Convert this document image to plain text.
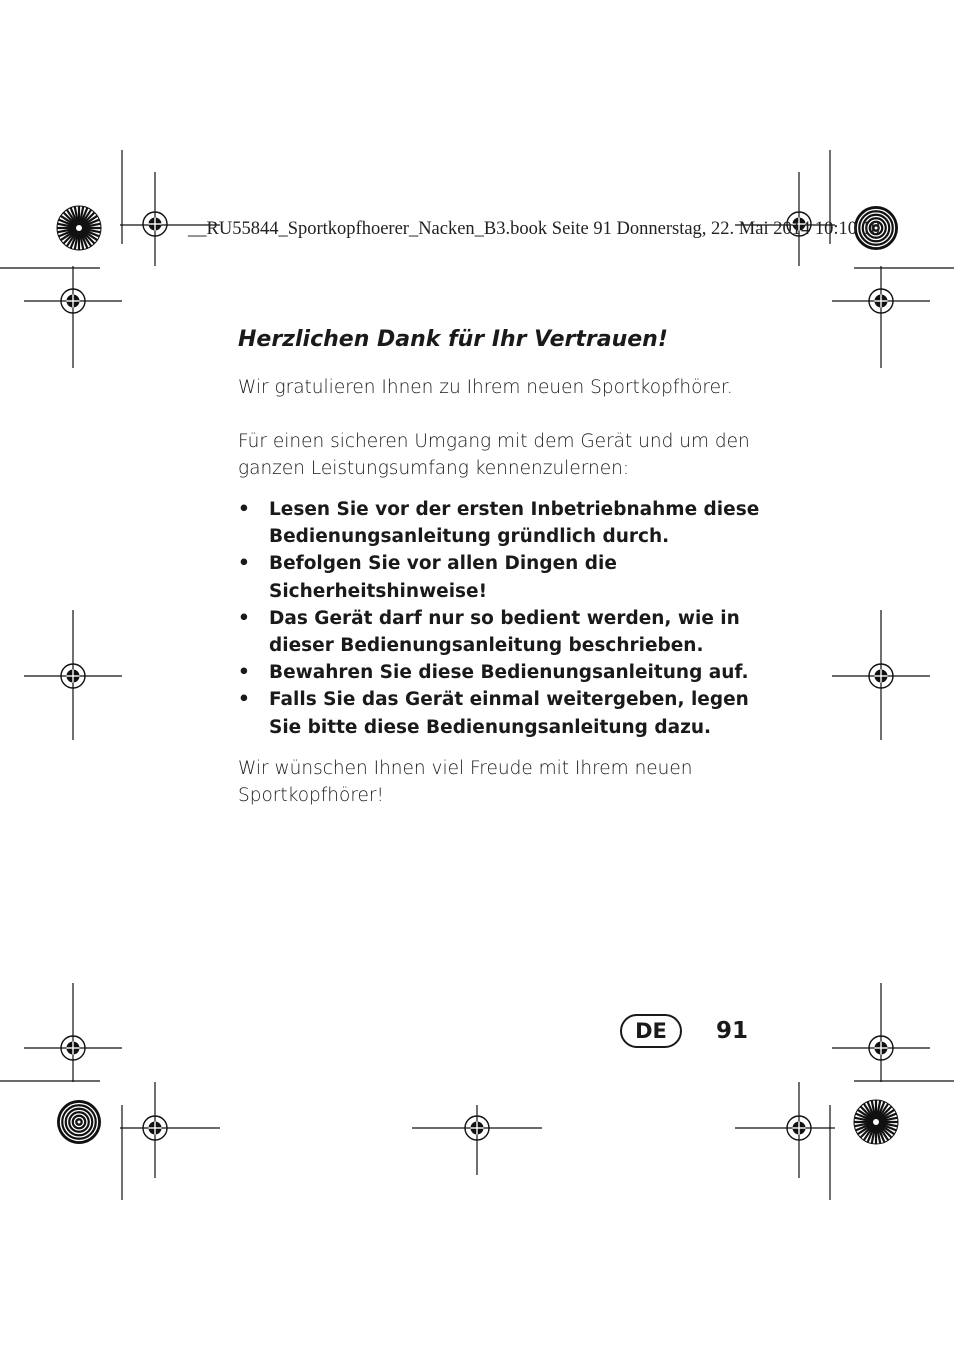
__RU55844_Sportkopfhoerer_Nacken_B3.book Seite 91 Donnerstag, 22. Mai 2014 10:10 10
Herzlichen Dank für Ihr Vertrauen!

Wir gratulieren Ihnen zu Ihrem neuen Sportkopfhörer.

Für einen sicheren Umgang mit dem Gerät und um den ganzen Leistungsumfang kennenzulernen:

• Lesen Sie vor der ersten Inbetriebnahme diese Bedienungsanleitung gründlich durch.
• Befolgen Sie vor allen Dingen die Sicherheitshinweise!
• Das Gerät darf nur so bedient werden, wie in dieser Bedienungsanleitung beschrieben.
• Bewahren Sie diese Bedienungsanleitung auf.
• Falls Sie das Gerät einmal weitergeben, legen Sie bitte diese Bedienungsanleitung dazu.

Wir wünschen Ihnen viel Freude mit Ihrem neuen Sportkopfhörer!

DE	91
